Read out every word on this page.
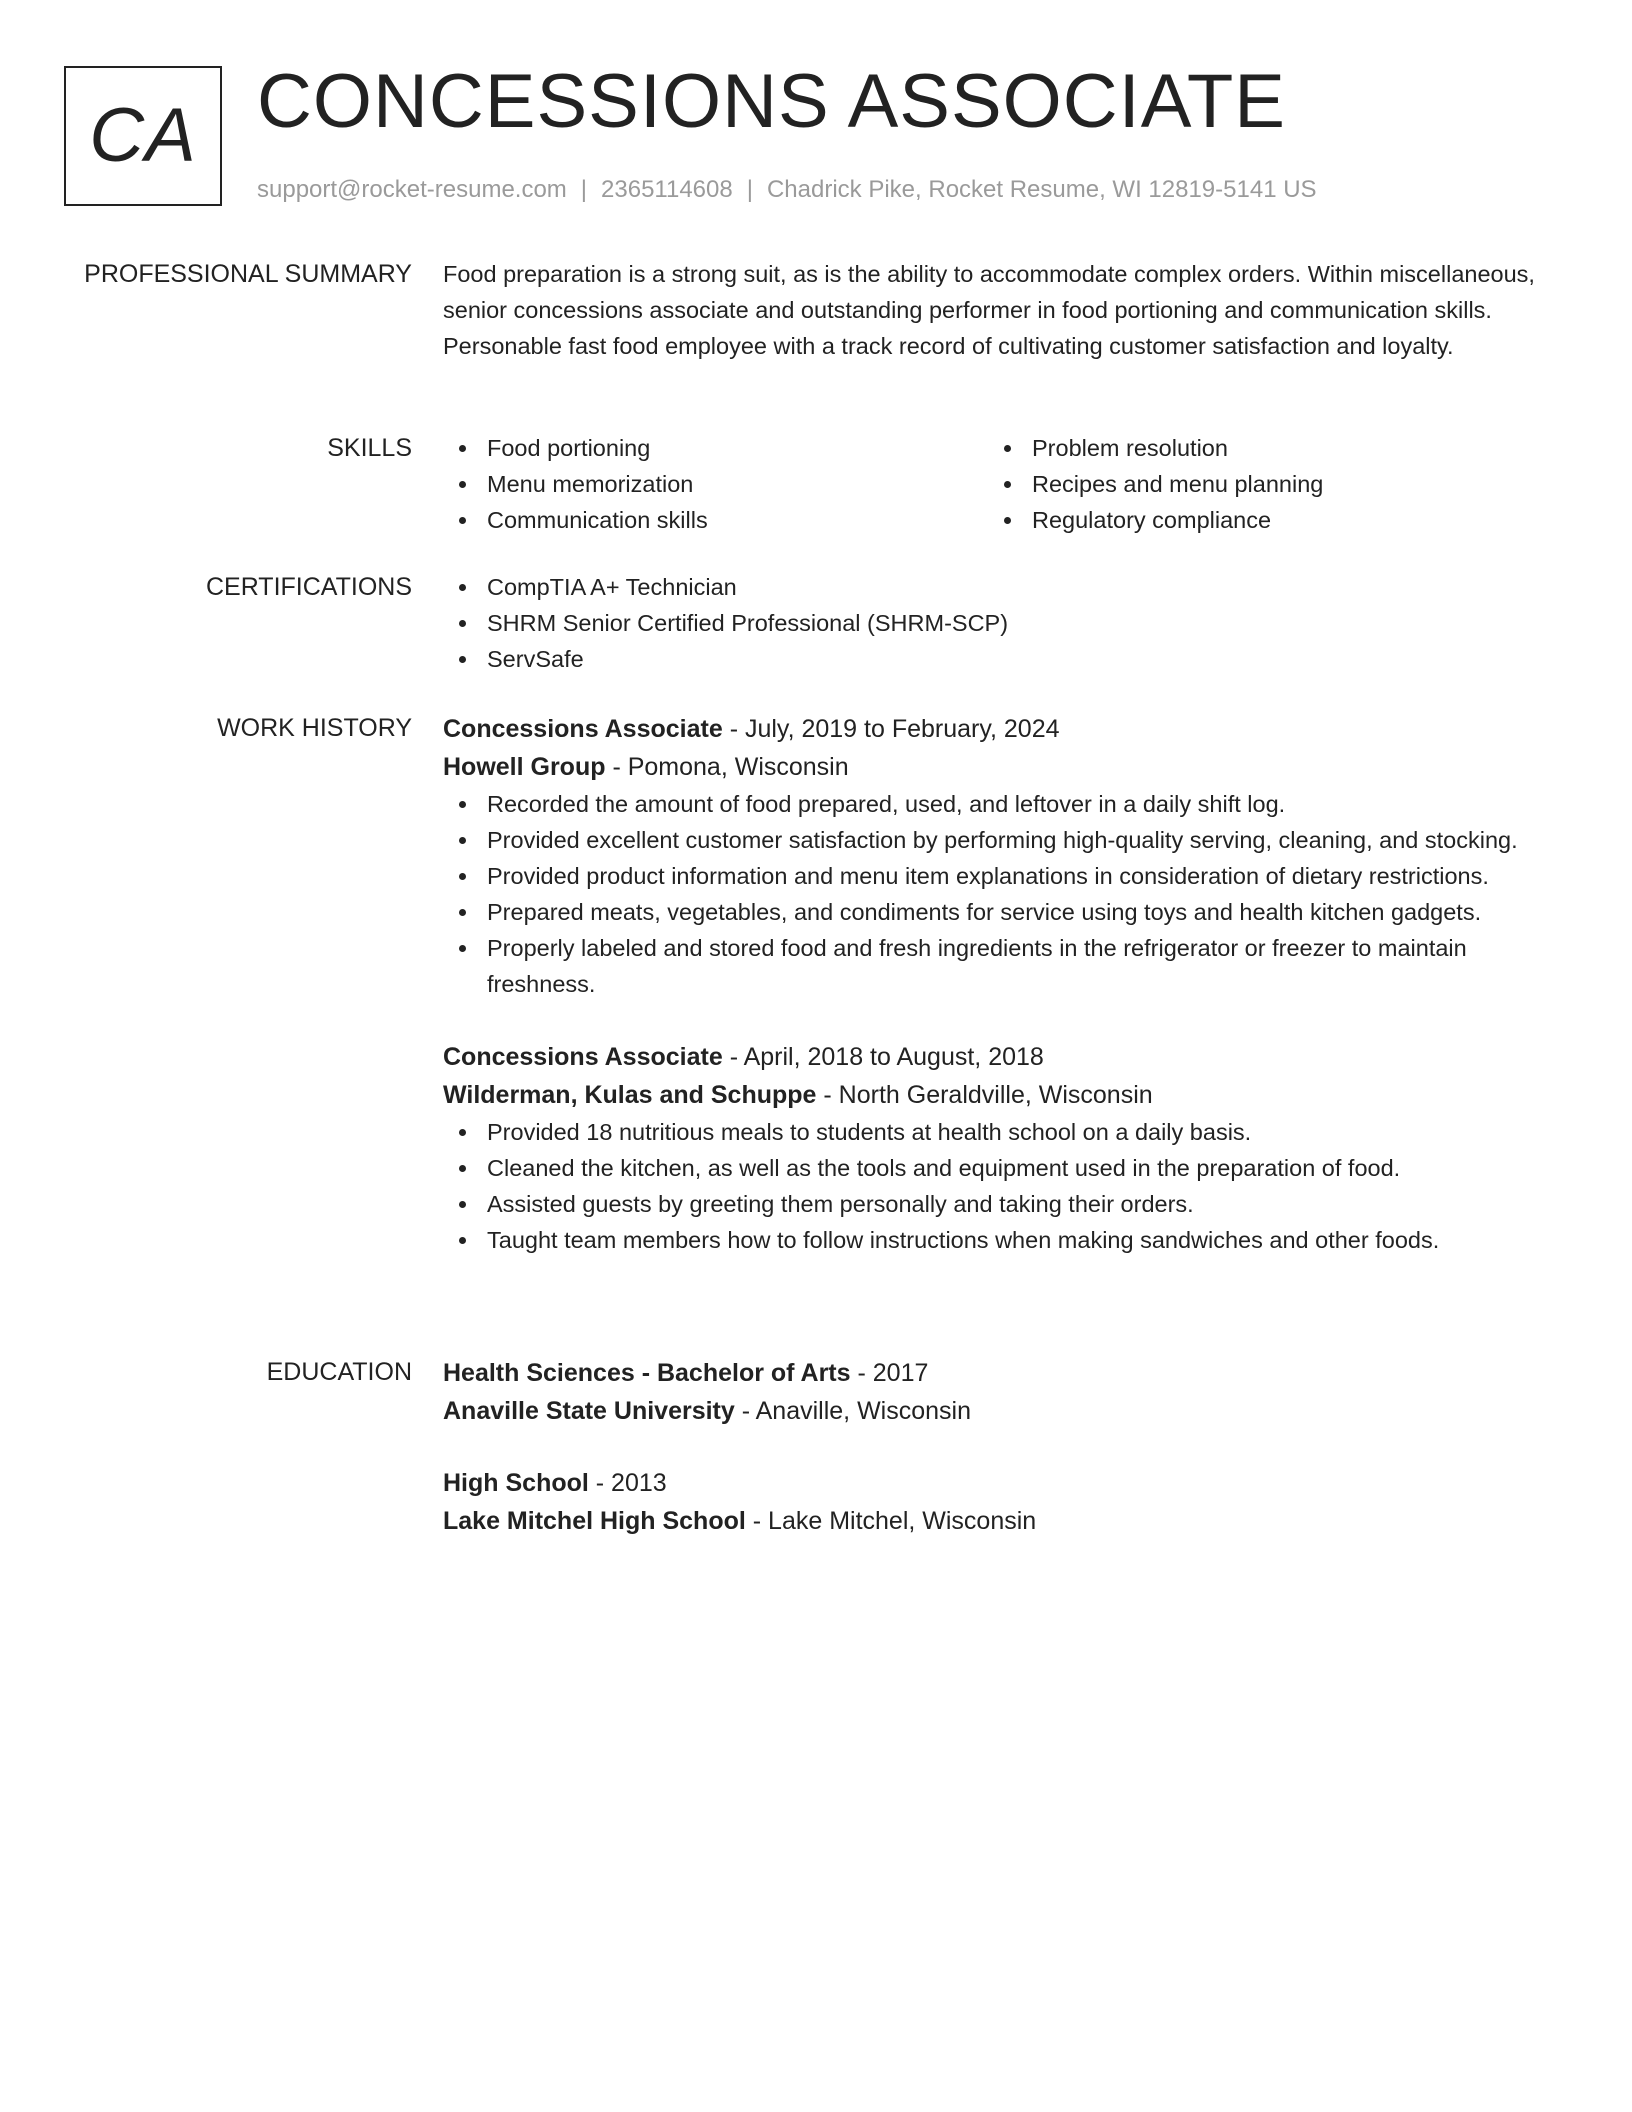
CA CONCESSIONS ASSOCIATE
support@rocket-resume.com | 2365114608 | Chadrick Pike, Rocket Resume, WI 12819-5141 US
PROFESSIONAL SUMMARY Food preparation is a strong suit, as is the ability to accommodate complex orders. Within miscellaneous, senior concessions associate and outstanding performer in food portioning and communication skills. Personable fast food employee with a track record of cultivating customer satisfaction and loyalty.

SKILLS	Food portioning
Menu memorization
Communication skills
Problem resolution
Recipes and menu planning
Regulatory compliance
CERTIFICATIONS	CompTIA A+ Technician
SHRM Senior Certified Professional (SHRM-SCP)
ServSafe
WORK HISTORY Concessions Associate - July, 2019 to February, 2024
Howell Group - Pomona, Wisconsin
Recorded the amount of food prepared, used, and leftover in a daily shift log.
Provided excellent customer satisfaction by performing high-quality serving, cleaning, and stocking.
Provided product information and menu item explanations in consideration of dietary restrictions.
Prepared meats, vegetables, and condiments for service using toys and health kitchen gadgets.
Properly labeled and stored food and fresh ingredients in the refrigerator or freezer to maintain freshness.
Concessions Associate - April, 2018 to August, 2018
Wilderman, Kulas and Schuppe - North Geraldville, Wisconsin
Provided 18 nutritious meals to students at health school on a daily basis.
Cleaned the kitchen, as well as the tools and equipment used in the preparation of food.
Assisted guests by greeting them personally and taking their orders.
Taught team members how to follow instructions when making sandwiches and other foods.
EDUCATION Health Sciences - Bachelor of Arts - 2017
Anaville State University - Anaville, Wisconsin
High School - 2013
Lake Mitchel High School - Lake Mitchel, Wisconsin
